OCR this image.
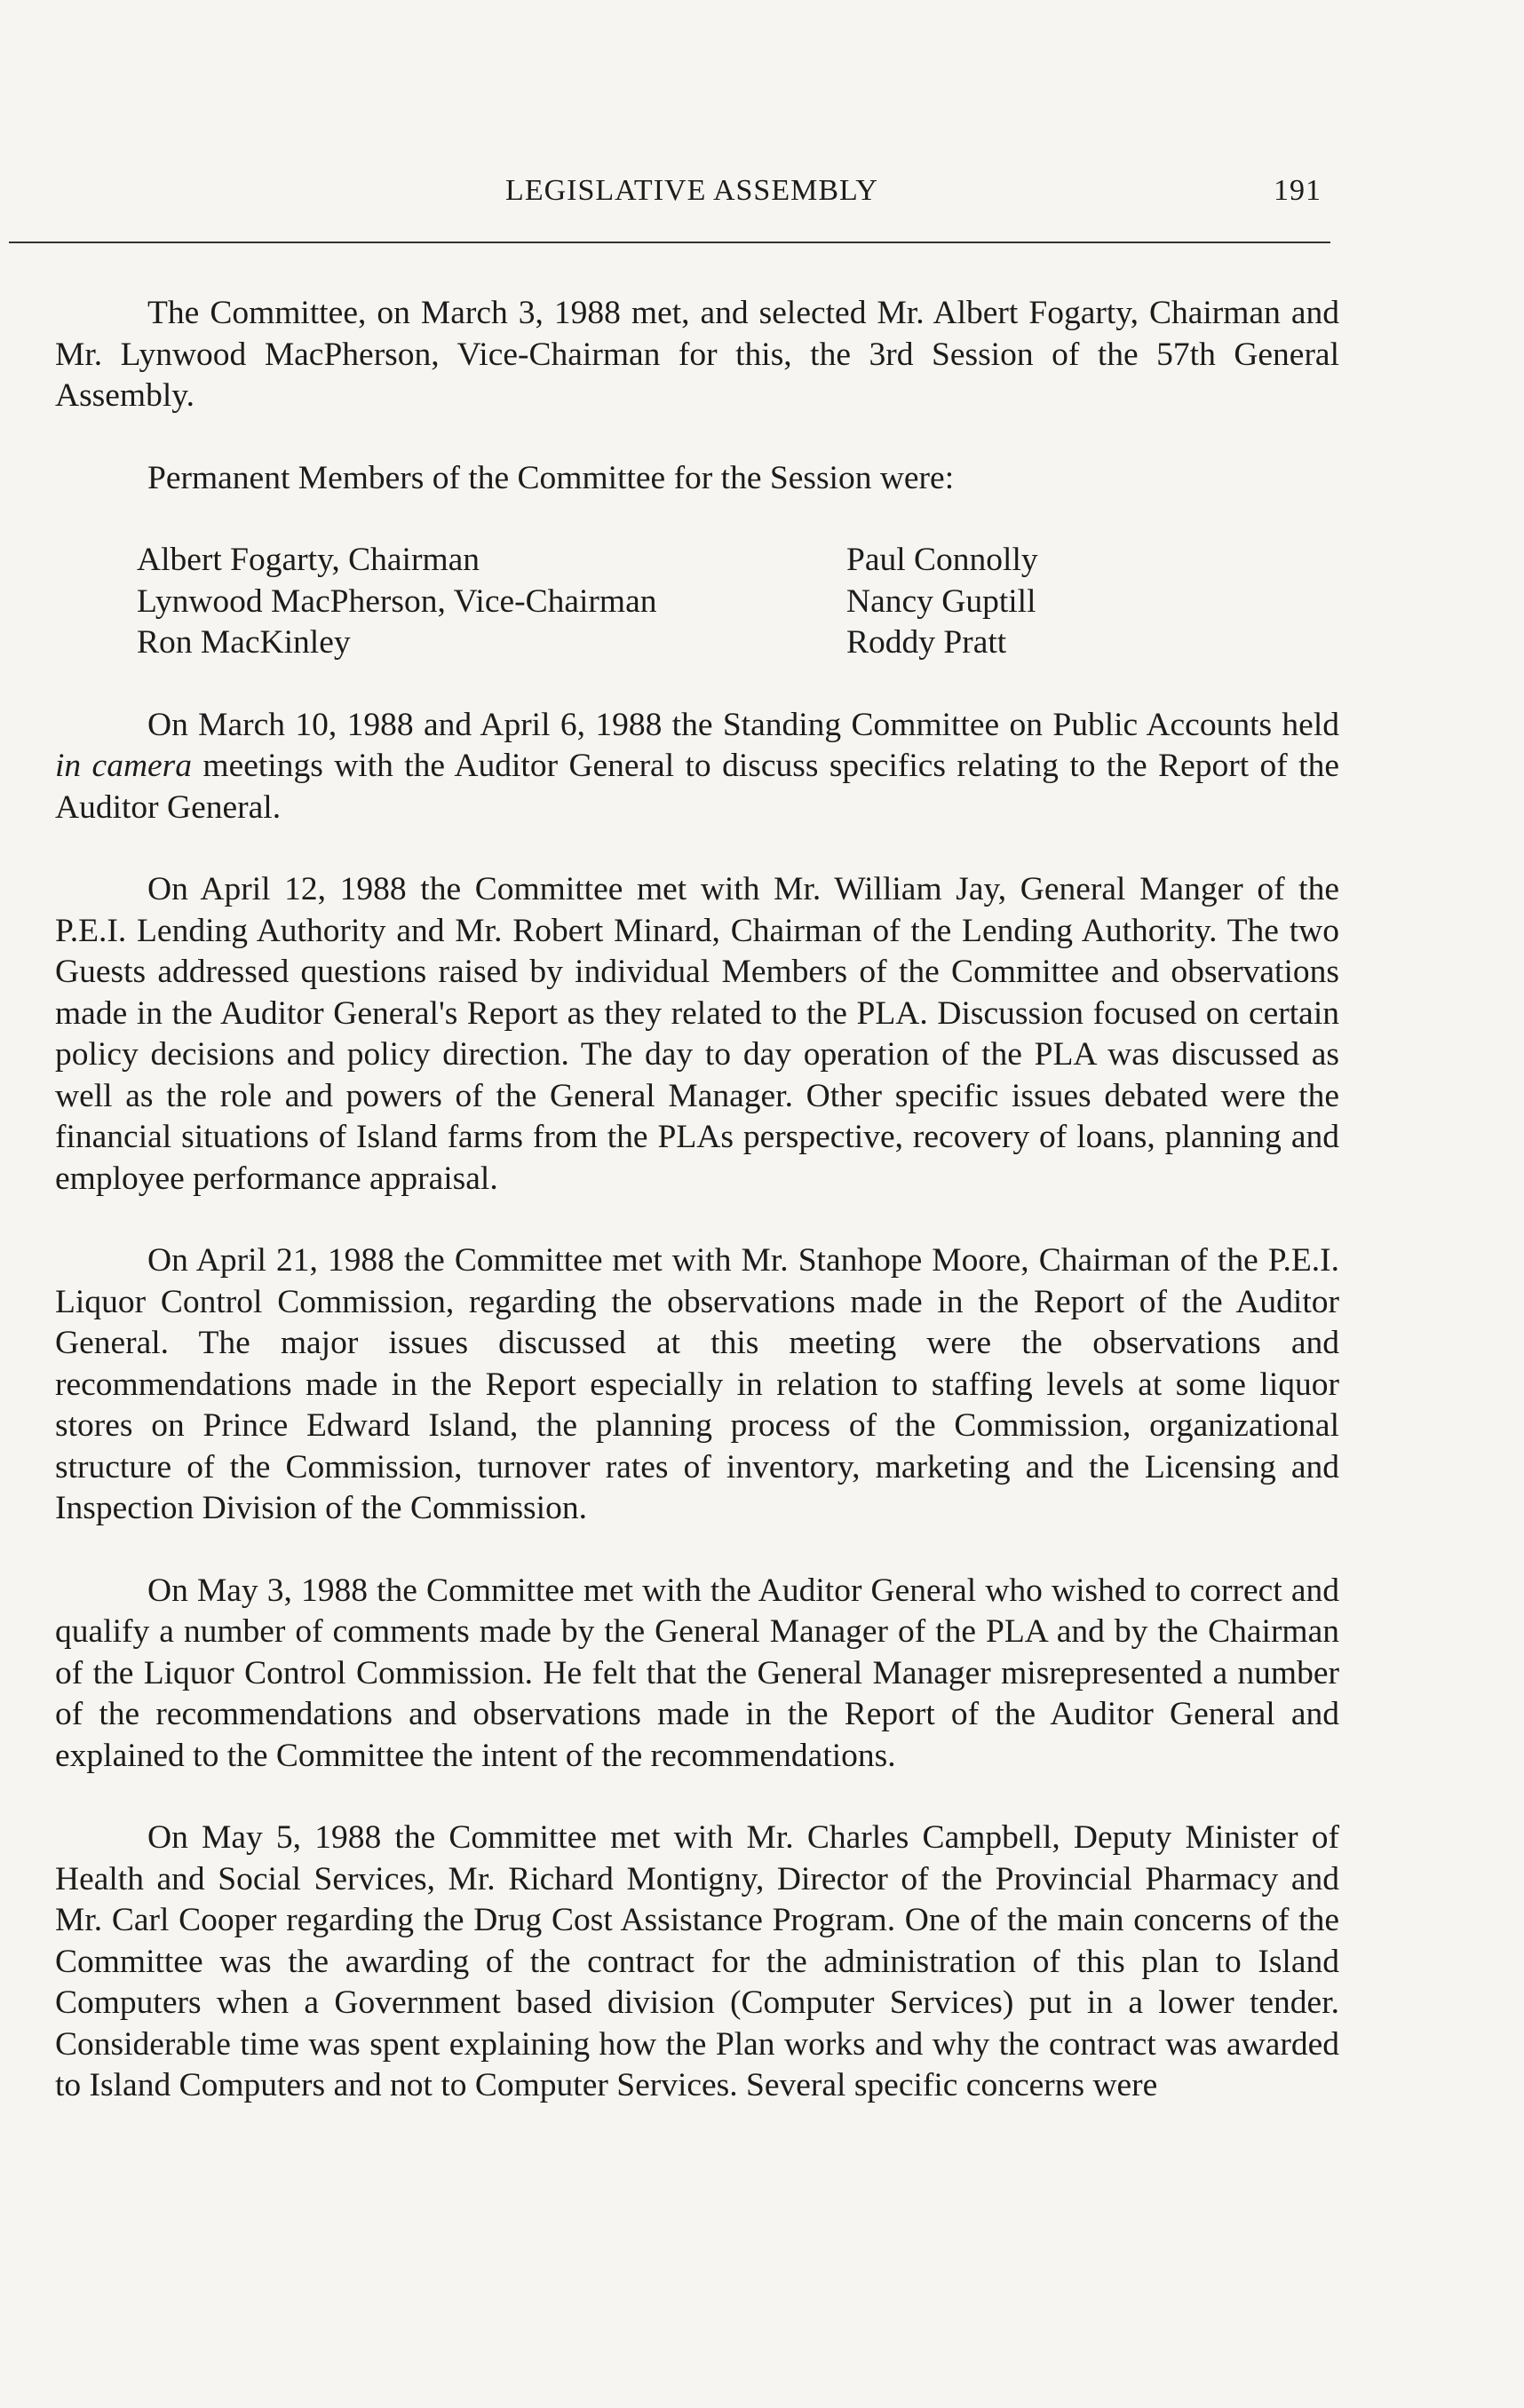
LEGISLATIVE ASSEMBLY	191

The Committee, on March 3, 1988 met, and selected Mr. Albert Fogarty, Chairman and Mr. Lynwood MacPherson, Vice-Chairman for this, the 3rd Session of the 57th General Assembly.

Permanent Members of the Committee for the Session were:

Albert Fogarty, Chairman	Paul Connolly
Lynwood MacPherson, Vice-Chairman	Nancy Guptill
Ron MacKinley	Roddy Pratt

On March 10, 1988 and April 6, 1988 the Standing Committee on Public Accounts held in camera meetings with the Auditor General to discuss specifics relating to the Report of the Auditor General.

On April 12, 1988 the Committee met with Mr. William Jay, General Manger of the P.E.I. Lending Authority and Mr. Robert Minard, Chairman of the Lending Authority. The two Guests addressed questions raised by individual Members of the Committee and observations made in the Auditor General's Report as they related to the PLA. Discussion focused on certain policy decisions and policy direction. The day to day operation of the PLA was discussed as well as the role and powers of the General Manager. Other specific issues debated were the financial situations of Island farms from the PLAs perspective, recovery of loans, planning and employee performance appraisal.

On April 21, 1988 the Committee met with Mr. Stanhope Moore, Chairman of the P.E.I. Liquor Control Commission, regarding the observations made in the Report of the Auditor General. The major issues discussed at this meeting were the observations and recommendations made in the Report especially in relation to staffing levels at some liquor stores on Prince Edward Island, the planning process of the Commission, organizational structure of the Commission, turnover rates of inventory, marketing and the Licensing and Inspection Division of the Commission.

On May 3, 1988 the Committee met with the Auditor General who wished to correct and qualify a number of comments made by the General Manager of the PLA and by the Chairman of the Liquor Control Commission. He felt that the General Manager misrepresented a number of the recommendations and observations made in the Report of the Auditor General and explained to the Committee the intent of the recommendations.

On May 5, 1988 the Committee met with Mr. Charles Campbell, Deputy Minister of Health and Social Services, Mr. Richard Montigny, Director of the Provincial Pharmacy and Mr. Carl Cooper regarding the Drug Cost Assistance Program. One of the main concerns of the Committee was the awarding of the contract for the administration of this plan to Island Computers when a Government based division (Computer Services) put in a lower tender. Considerable time was spent explaining how the Plan works and why the contract was awarded to Island Computers and not to Computer Services. Several specific concerns were
